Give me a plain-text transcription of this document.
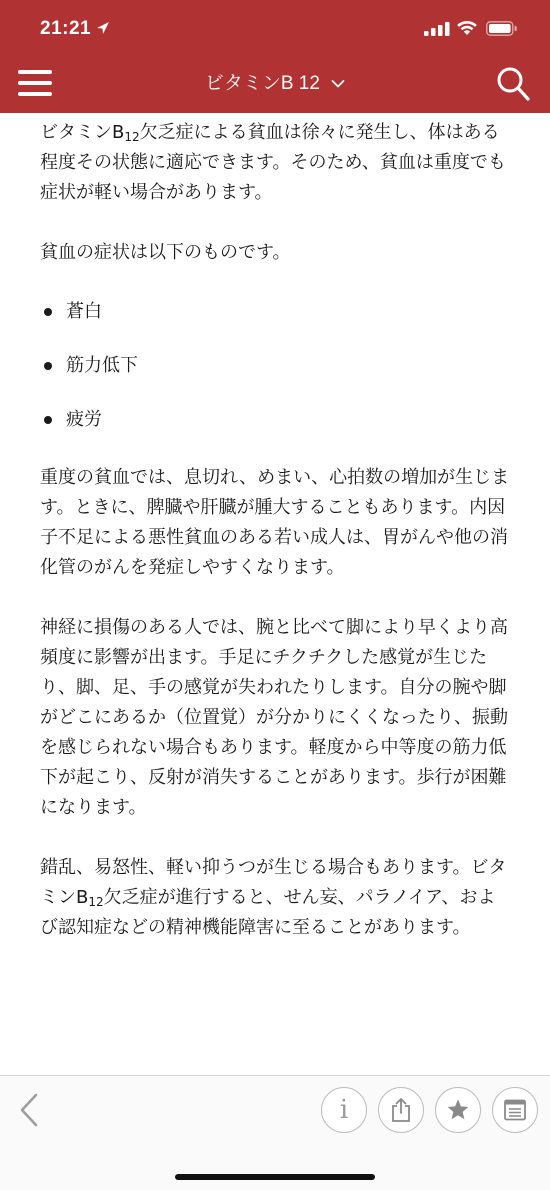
21:21
ビタミンB 12

ビタミン$B_{12}$欠乏症による貧血は徐々に発生し、体はある程度その状態に適応できます。そのため、貧血は重度でも症状が軽い場合があります。

貧血の症状は以下のものです。

蒼白
筋力低下
疲労

重度の貧血では、息切れ、めまい、心拍数の増加が生じます。ときに、脾臓や肝臓が腫大することもあります。内因子不足による悪性貧血のある若い成人は、胃がんや他の消化管のがんを発症しやすくなります。

神経に損傷のある人では、腕と比べて脚により早くより高頻度に影響が出ます。手足にチクチクした感覚が生じたり、脚、足、手の感覚が失われたりします。自分の腕や脚がどこにあるか（位置覚）が分かりにくくなったり、振動を感じられない場合もあります。軽度から中等度の筋力低下が起こり、反射が消失することがあります。歩行が困難になります。

錯乱、易怒性、軽い抑うつが生じる場合もあります。ビタミン$B_{12}$欠乏症が進行すると、せん妄、パラノイア、および認知症などの精神機能障害に至ることがあります。

i
